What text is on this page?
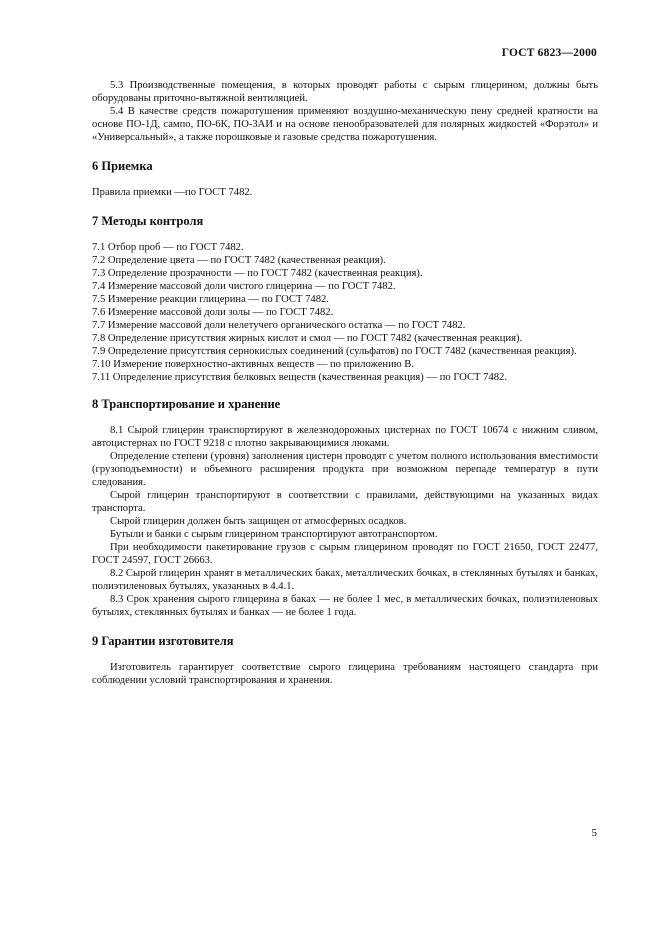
ГОСТ 6823—2000

5.3 Производственные помещения, в которых проводят работы с сырым глицерином, должны быть оборудованы приточно-вытяжной вентиляцией.

5.4 В качестве средств пожаротушения применяют воздушно-механическую пену средней кратности на основе ПО-1Д, сампо, ПО-6К, ПО-3АИ и на основе пенообразователей для полярных жидкостей «Форэтол» и «Универсальный», а также порошковые и газовые средства пожаротушения.

6 Приемка

Правила приемки —по ГОСТ 7482.

7 Методы контроля

7.1 Отбор проб — по ГОСТ 7482.

7.2 Определение цвета — по ГОСТ 7482 (качественная реакция).

7.3 Определение прозрачности — по ГОСТ 7482 (качественная реакция).

7.4 Измерение массовой доли чистого глицерина — по ГОСТ 7482.

7.5 Измерение реакции глицерина — по ГОСТ 7482.

7.6 Измерение массовой доли золы — по ГОСТ 7482.

7.7 Измерение массовой доли нелетучего органического остатка — по ГОСТ 7482.

7.8 Определение присутствия жирных кислот и смол — по ГОСТ 7482 (качественная реакция).

7.9 Определение присутствия сернокислых соединений (сульфатов) по ГОСТ 7482 (качественная реакция).

7.10 Измерение поверхностно-активных веществ — по приложению В.

7.11 Определение присутствия белковых веществ (качественная реакция) — по ГОСТ 7482.

8 Транспортирование и хранение

8.1 Сырой глицерин транспортируют в железнодорожных цистернах по ГОСТ 10674 с нижним сливом, автоцистернах по ГОСТ 9218 с плотно закрывающимися люками.

Определение степени (уровня) заполнения цистерн проводят с учетом полного использования вместимости (грузоподъемности) и объемного расширения продукта при возможном перепаде температур в пути следования.

Сырой глицерин транспортируют в соответствии с правилами, действующими на указанных видах транспорта.

Сырой глицерин должен быть защищен от атмосферных осадков.

Бутыли и банки с сырым глицерином транспортируют автотранспортом.

При необходимости пакетирование грузов с сырым глицерином проводят по ГОСТ 21650, ГОСТ 22477, ГОСТ 24597, ГОСТ 26663.

8.2 Сырой глицерин хранят в металлических баках, металлических бочках, в стеклянных бутылях и банках, полиэтиленовых бутылях, указанных в 4.4.1.

8.3 Срок хранения сырого глицерина в баках — не более 1 мес, в металлических бочках, полиэтиленовых бутылях, стеклянных бутылях и банках — не более 1 года.

9 Гарантии изготовителя

Изготовитель гарантирует соответствие сырого глицерина требованиям настоящего стандарта при соблюдении условий транспортирования и хранения.

5
